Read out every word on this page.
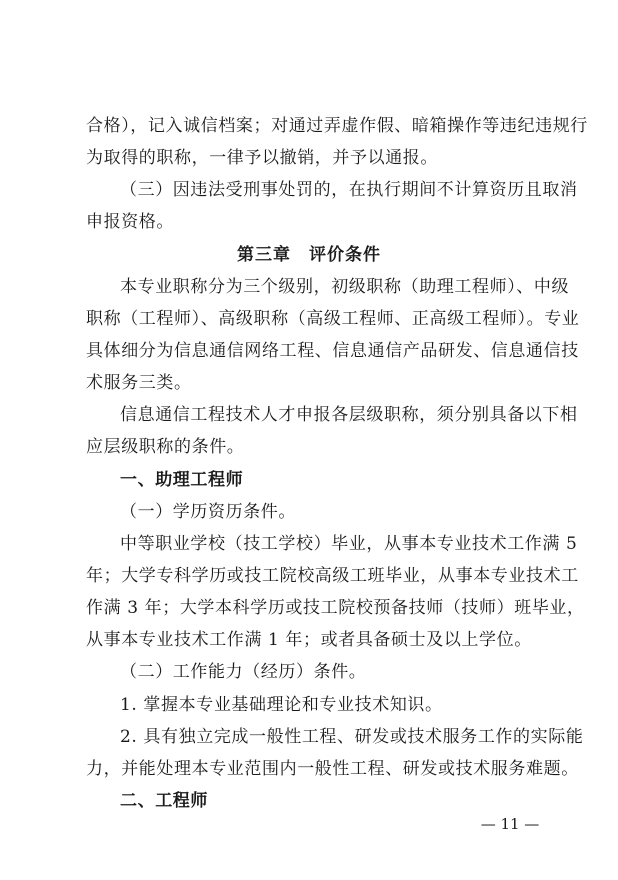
合格），记入诚信档案；对通过弄虚作假、暗箱操作等违纪违规行
为取得的职称，一律予以撤销，并予以通报。
（三）因违法受刑事处罚的，在执行期间不计算资历且取消
申报资格。
第三章 评价条件
本专业职称分为三个级别，初级职称（助理工程师）、中级
职称（工程师）、高级职称（高级工程师、正高级工程师）。专业
具体细分为信息通信网络工程、信息通信产品研发、信息通信技
术服务三类。
信息通信工程技术人才申报各层级职称，须分别具备以下相
应层级职称的条件。
一、助理工程师
（一）学历资历条件。
中等职业学校（技工学校）毕业，从事本专业技术工作满 5
年；大学专科学历或技工院校高级工班毕业，从事本专业技术工
作满 3 年；大学本科学历或技工院校预备技师（技师）班毕业，
从事本专业技术工作满 1 年；或者具备硕士及以上学位。
（二）工作能力（经历）条件。
1. 掌握本专业基础理论和专业技术知识。
2. 具有独立完成一般性工程、研发或技术服务工作的实际能
力，并能处理本专业范围内一般性工程、研发或技术服务难题。
二、工程师
— 11 —
